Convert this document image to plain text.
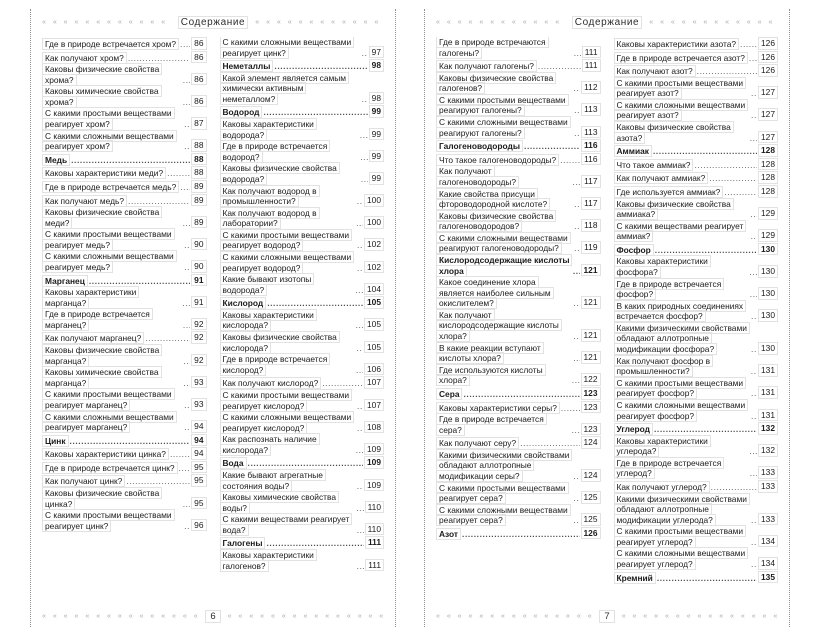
« « « « « « « « « « « « « « « « « « « « « « « « « « « « « « « « « « « «
Содержание
« « « « « « « « « « « « « « « « « « « « « « « « « « « « « « « « « « « «
Где в природе встречается хром? .....	86
Как получают хром? .....	86
Каковы физические свойства хрома? .....	86
Каковы химические свойства хрома? .....	86
С какими простыми веществами реагирует хром? .....	87
С какими сложными веществами реагирует хром? .....	88
Медь .....	88
Каковы характеристики меди? .....	88
Где в природе встречается медь? .....	89
Как получают медь? .....	89
Каковы физические свойства меди? .....	89
С какими простыми веществами реагирует медь? .....	90
С какими сложными веществами реагирует медь? .....	90
Марганец .....	91
Каковы характеристики марганца? .....	91
Где в природе встречается марганец? .....	92
Как получают марганец? .....	92
Каковы физические свойства марганца? .....	92
Каковы химические свойства марганца? .....	93
С какими простыми веществами реагирует марганец? .....	93
С какими сложными веществами реагирует марганец? .....	94
Цинк .....	94
Каковы характеристики цинка? .....	94
Где в природе встречается цинк? .....	95
Как получают цинк? .....	95
Каковы физические свойства цинка? .....	95
С какими простыми веществами реагирует цинк? .....	96
С какими сложными веществами реагирует цинк? .....	97
Неметаллы .....	98
Какой элемент является самым химически активным неметаллом? .....	98
Водород .....	99
Каковы характеристики водорода? .....	99
Где в природе встречается водород? .....	99
Каковы физические свойства водорода? .....	99
Как получают водород в промышленности? .....	100
Как получают водород в лаборатории? .....	100
С какими простыми веществами реагирует водород? .....	102
С какими сложными веществами реагирует водород? .....	102
Какие бывают изотопы водорода? .....	104
Кислород .....	105
Каковы характеристики кислорода? .....	105
Каковы физические свойства кислорода? .....	105
Где в природе встречается кислород? .....	106
Как получают кислород? .....	107
С какими простыми веществами реагирует кислород? .....	107
С какими сложными веществами реагирует кислород? .....	108
Как распознать наличие кислорода? .....	109
Вода .....	109
Какие бывают агрегатные состояния воды? .....	109
Каковы химические свойства воды? .....	110
С какими веществами реагирует вода? .....	110
Галогены .....	111
Каковы характеристики галогенов? .....	111
« « « « « « « « « « « « « « « « « « « « « « « « « « « « « « « « « « « «
6
« « « « « « « « « « « « « « « « « « « « « « « « « « « « « « « « « « « «
« « « « « « « « « « « « « « « « « « « « « « « « « « « « « « « « « « « «
Содержание
« « « « « « « « « « « « « « « « « « « « « « « « « « « « « « « « « « « «
Где в природе встречаются галогены? .....	111
Как получают галогены? .....	111
Каковы физические свойства галогенов? .....	112
С какими простыми веществами реагируют галогены? .....	113
С какими сложными веществами реагируют галогены? .....	113
Галогеноводороды .....	116
Что такое галогеноводороды? .....	116
Как получают галогеноводороды? .....	117
Какие свойства присущи фтороводородной кислоте? .....	117
Каковы физические свойства галогеноводородов? .....	118
С какими сложными веществами реагируют галогеноводороды? .....	119
Кислородсодержащие кислоты хлора .....	121
Какое соединение хлора является наиболее сильным окислителем? .....	121
Как получают кислородсодержащие кислоты хлора? .....	121
В какие реакции вступают кислоты хлора? .....	121
Где используются кислоты хлора? .....	122
Сера .....	123
Каковы характеристики серы? .....	123
Где в природе встречается сера? .....	123
Как получают серу? .....	124
Какими физическими свойствами обладают аллотропные модификации серы? .....	124
С какими простыми веществами реагирует сера? .....	125
С какими сложными веществами реагирует сера? .....	125
Азот .....	126
Каковы характеристики азота? .....	126
Где в природе встречается азот? .....	126
Как получают азот? .....	126
С какими простыми веществами реагирует азот? .....	127
С какими сложными веществами реагирует азот? .....	127
Каковы физические свойства азота? .....	127
Аммиак .....	128
Что такое аммиак? .....	128
Как получают аммиак? .....	128
Где используется аммиак? .....	128
Каковы физические свойства аммиака? .....	129
С какими веществами реагирует аммиак? .....	129
Фосфор .....	130
Каковы характеристики фосфора? .....	130
Где в природе встречается фосфор? .....	130
В каких природных соединениях встречается фосфор? .....	130
Какими физическими свойствами обладают аллотропные модификации фосфора? .....	130
Как получают фосфор в промышленности? .....	131
С какими простыми веществами реагирует фосфор? .....	131
С какими сложными веществами реагирует фосфор? .....	131
Углерод .....	132
Каковы характеристики углерода? .....	132
Где в природе встречается углерод? .....	133
Как получают углерод? .....	133
Какими физическими свойствами обладают аллотропные модификации углерода? .....	133
С какими простыми веществами реагирует углерод? .....	134
С какими сложными веществами реагирует углерод? .....	134
Кремний .....	135
« « « « « « « « « « « « « « « « « « « « « « « « « « « « « « « « « « « «
7
« « « « « « « « « « « « « « « « « « « « « « « « « « « « « « « « « « « «
